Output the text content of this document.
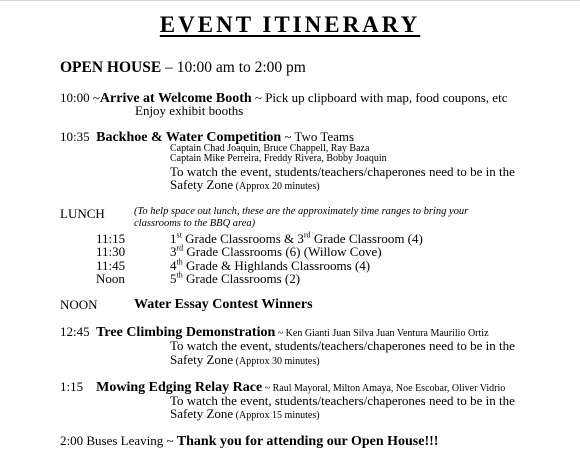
EVENT ITINERARY
OPEN HOUSE – 10:00 am to 2:00 pm
10:00 ~Arrive at Welcome Booth ~ Pick up clipboard with map, food coupons, etc
Enjoy exhibit booths
10:35 Backhoe & Water Competition ~ Two Teams
Captain Chad Joaquin, Bruce Chappell, Ray Baza
Captain Mike Perreira, Freddy Rivera, Bobby Joaquin
To watch the event, students/teachers/chaperones need to be in the
Safety Zone (Approx 20 minutes)
LUNCH	(To help space out lunch, these are the approximately time ranges to bring your
classrooms to the BBQ area)
11:15	1st Grade Classrooms & 3rd Grade Classroom (4)
11:30	3rd Grade Classrooms (6) (Willow Cove)
11:45	4th Grade & Highlands Classrooms (4)
Noon	5th Grade Classrooms (2)
NOON	Water Essay Contest Winners
12:45 Tree Climbing Demonstration ~ Ken Gianti Juan Silva Juan Ventura Maurilio Ortiz
To watch the event, students/teachers/chaperones need to be in the
Safety Zone (Approx 30 minutes)
1:15 Mowing Edging Relay Race ~ Raul Mayoral, Milton Amaya, Noe Escobar, Oliver Vidrio
To watch the event, students/teachers/chaperones need to be in the
Safety Zone (Approx 15 minutes)
2:00 Buses Leaving ~ Thank you for attending our Open House!!!
